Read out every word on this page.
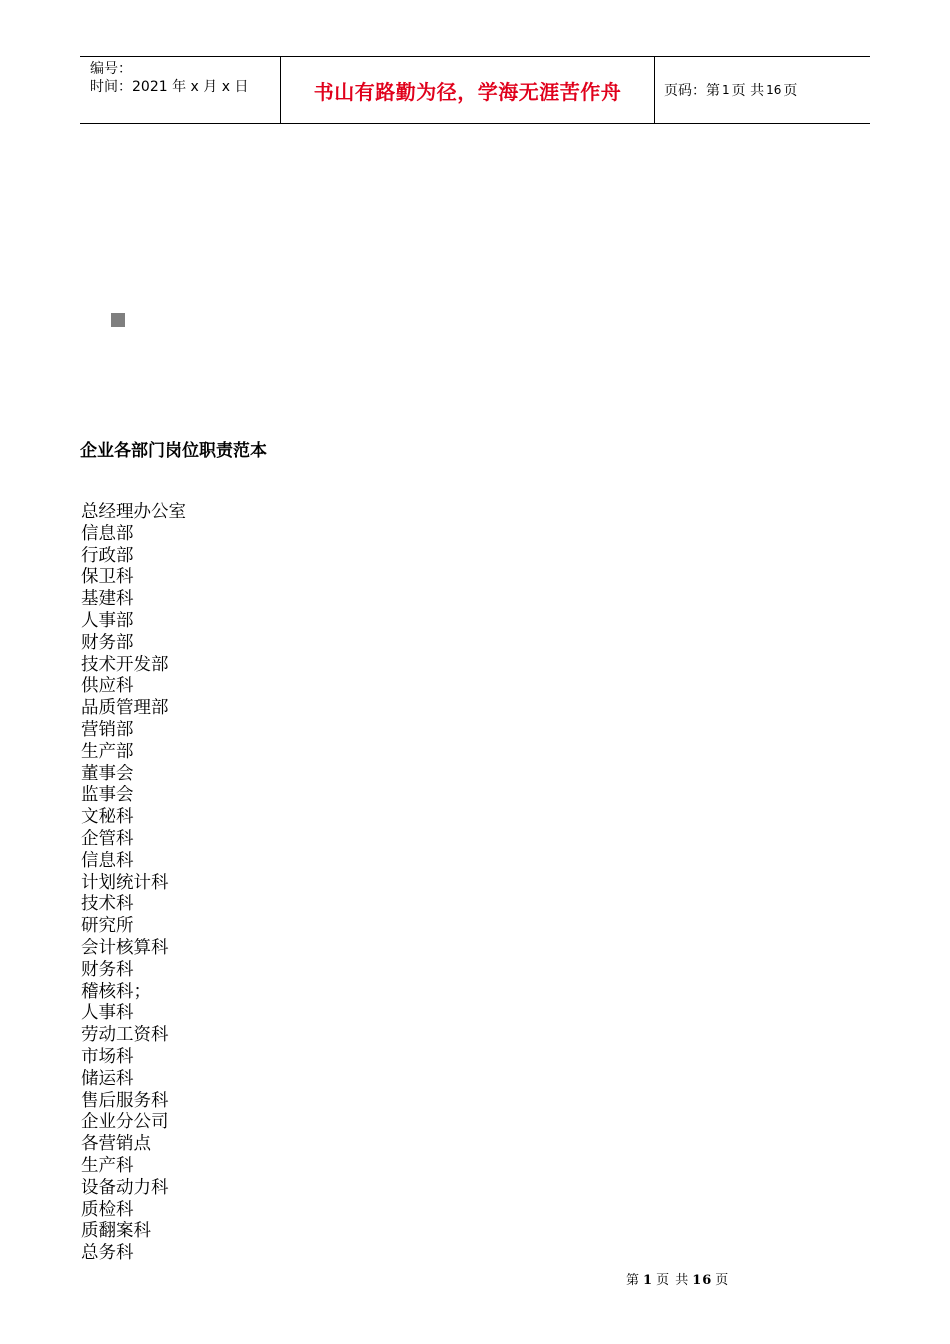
编号：
时间：2021 年 x 月 x 日	书山有路勤为径，学海无涯苦作舟	页码：第 1 页 共 16 页
企业各部门岗位职责范本
总经理办公室
信息部
行政部
保卫科
基建科
人事部
财务部
技术开发部
供应科
品质管理部
营销部
生产部
董事会
监事会
文秘科
企管科
信息科
计划统计科
技术科
研究所
会计核算科
财务科
稽核科；
人事科
劳动工资科
市场科
储运科
售后服务科
企业分公司
各营销点
生产科
设备动力科
质检科
质翻案科
总务科
第 1 页 共 16 页
